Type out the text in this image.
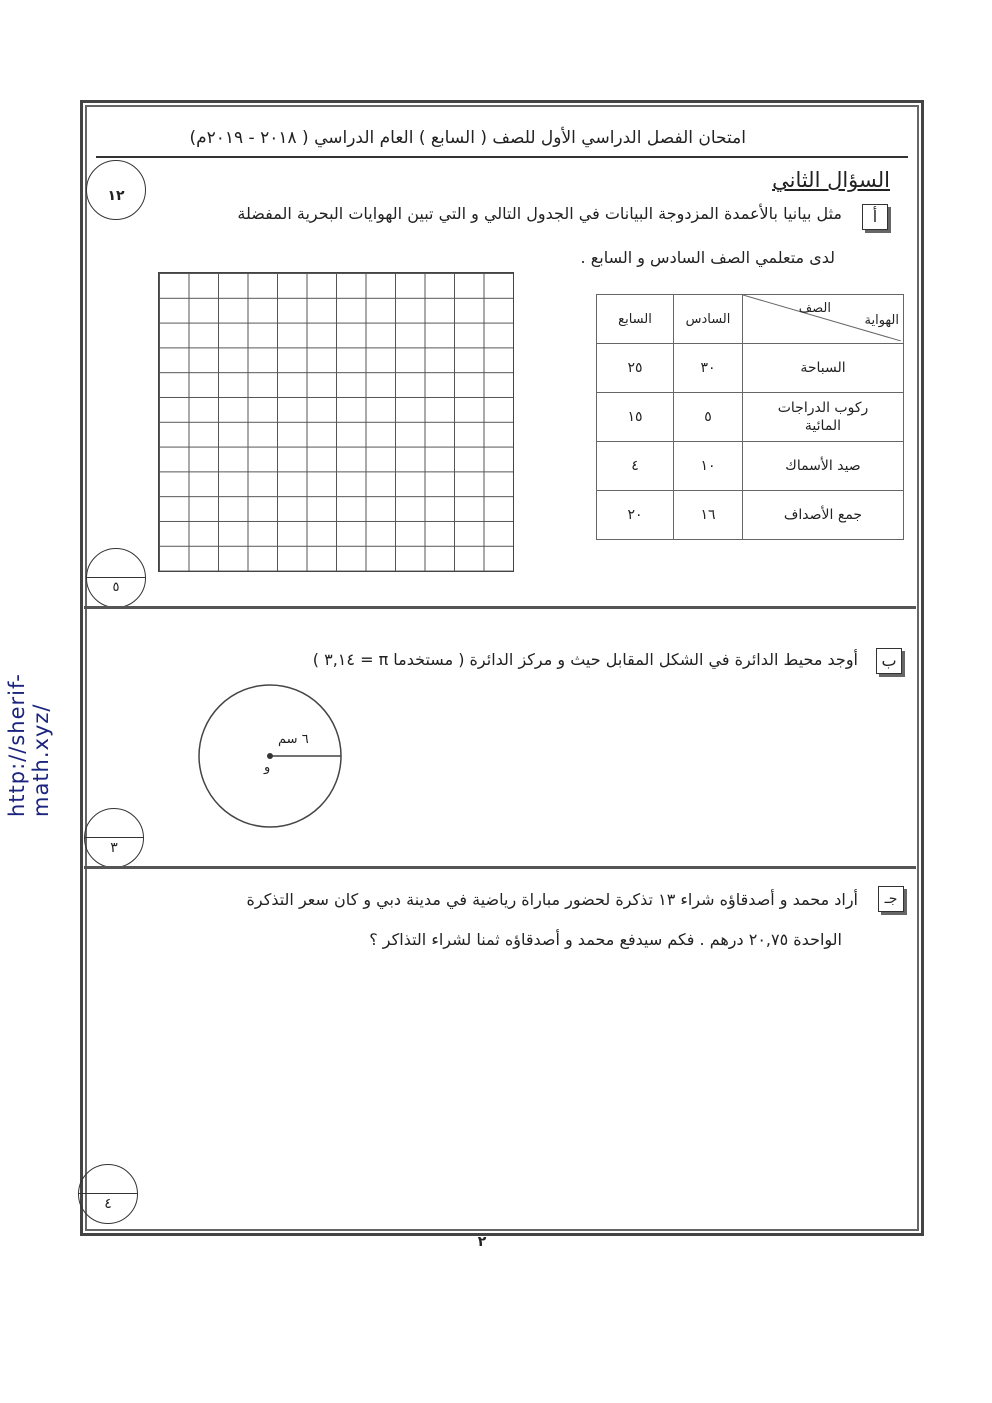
http://sherif-math.xyz/
امتحان الفصل الدراسي الأول للصف ( السابع ) العام الدراسي ( ٢٠١٨ - ٢٠١٩م)
١٢
السؤال الثاني
أ
مثل بيانيا بالأعمدة المزدوجة البيانات في الجدول التالي و التي تبين الهوايات البحرية المفضلة
لدى متعلمي الصف السادس و السابع .
الصف
الهواية	السادس	السابع
السباحة	٣٠	٢٥
ركوب الدراجات المائية	٥	١٥
صيد الأسماك	١٠	٤
جمع الأصداف	١٦	٢٠
٥
ب
أوجد محيط الدائرة في الشكل المقابل حيث و مركز الدائرة ( مستخدما π = ٣,١٤ )
٦ سم
و
٣
جـ
أراد محمد و أصدقاؤه شراء ١٣ تذكرة لحضور مباراة رياضية في مدينة دبي و كان سعر التذكرة
الواحدة ٢٠,٧٥ درهم . فكم سيدفع محمد و أصدقاؤه ثمنا لشراء التذاكر ؟
٤
٢
